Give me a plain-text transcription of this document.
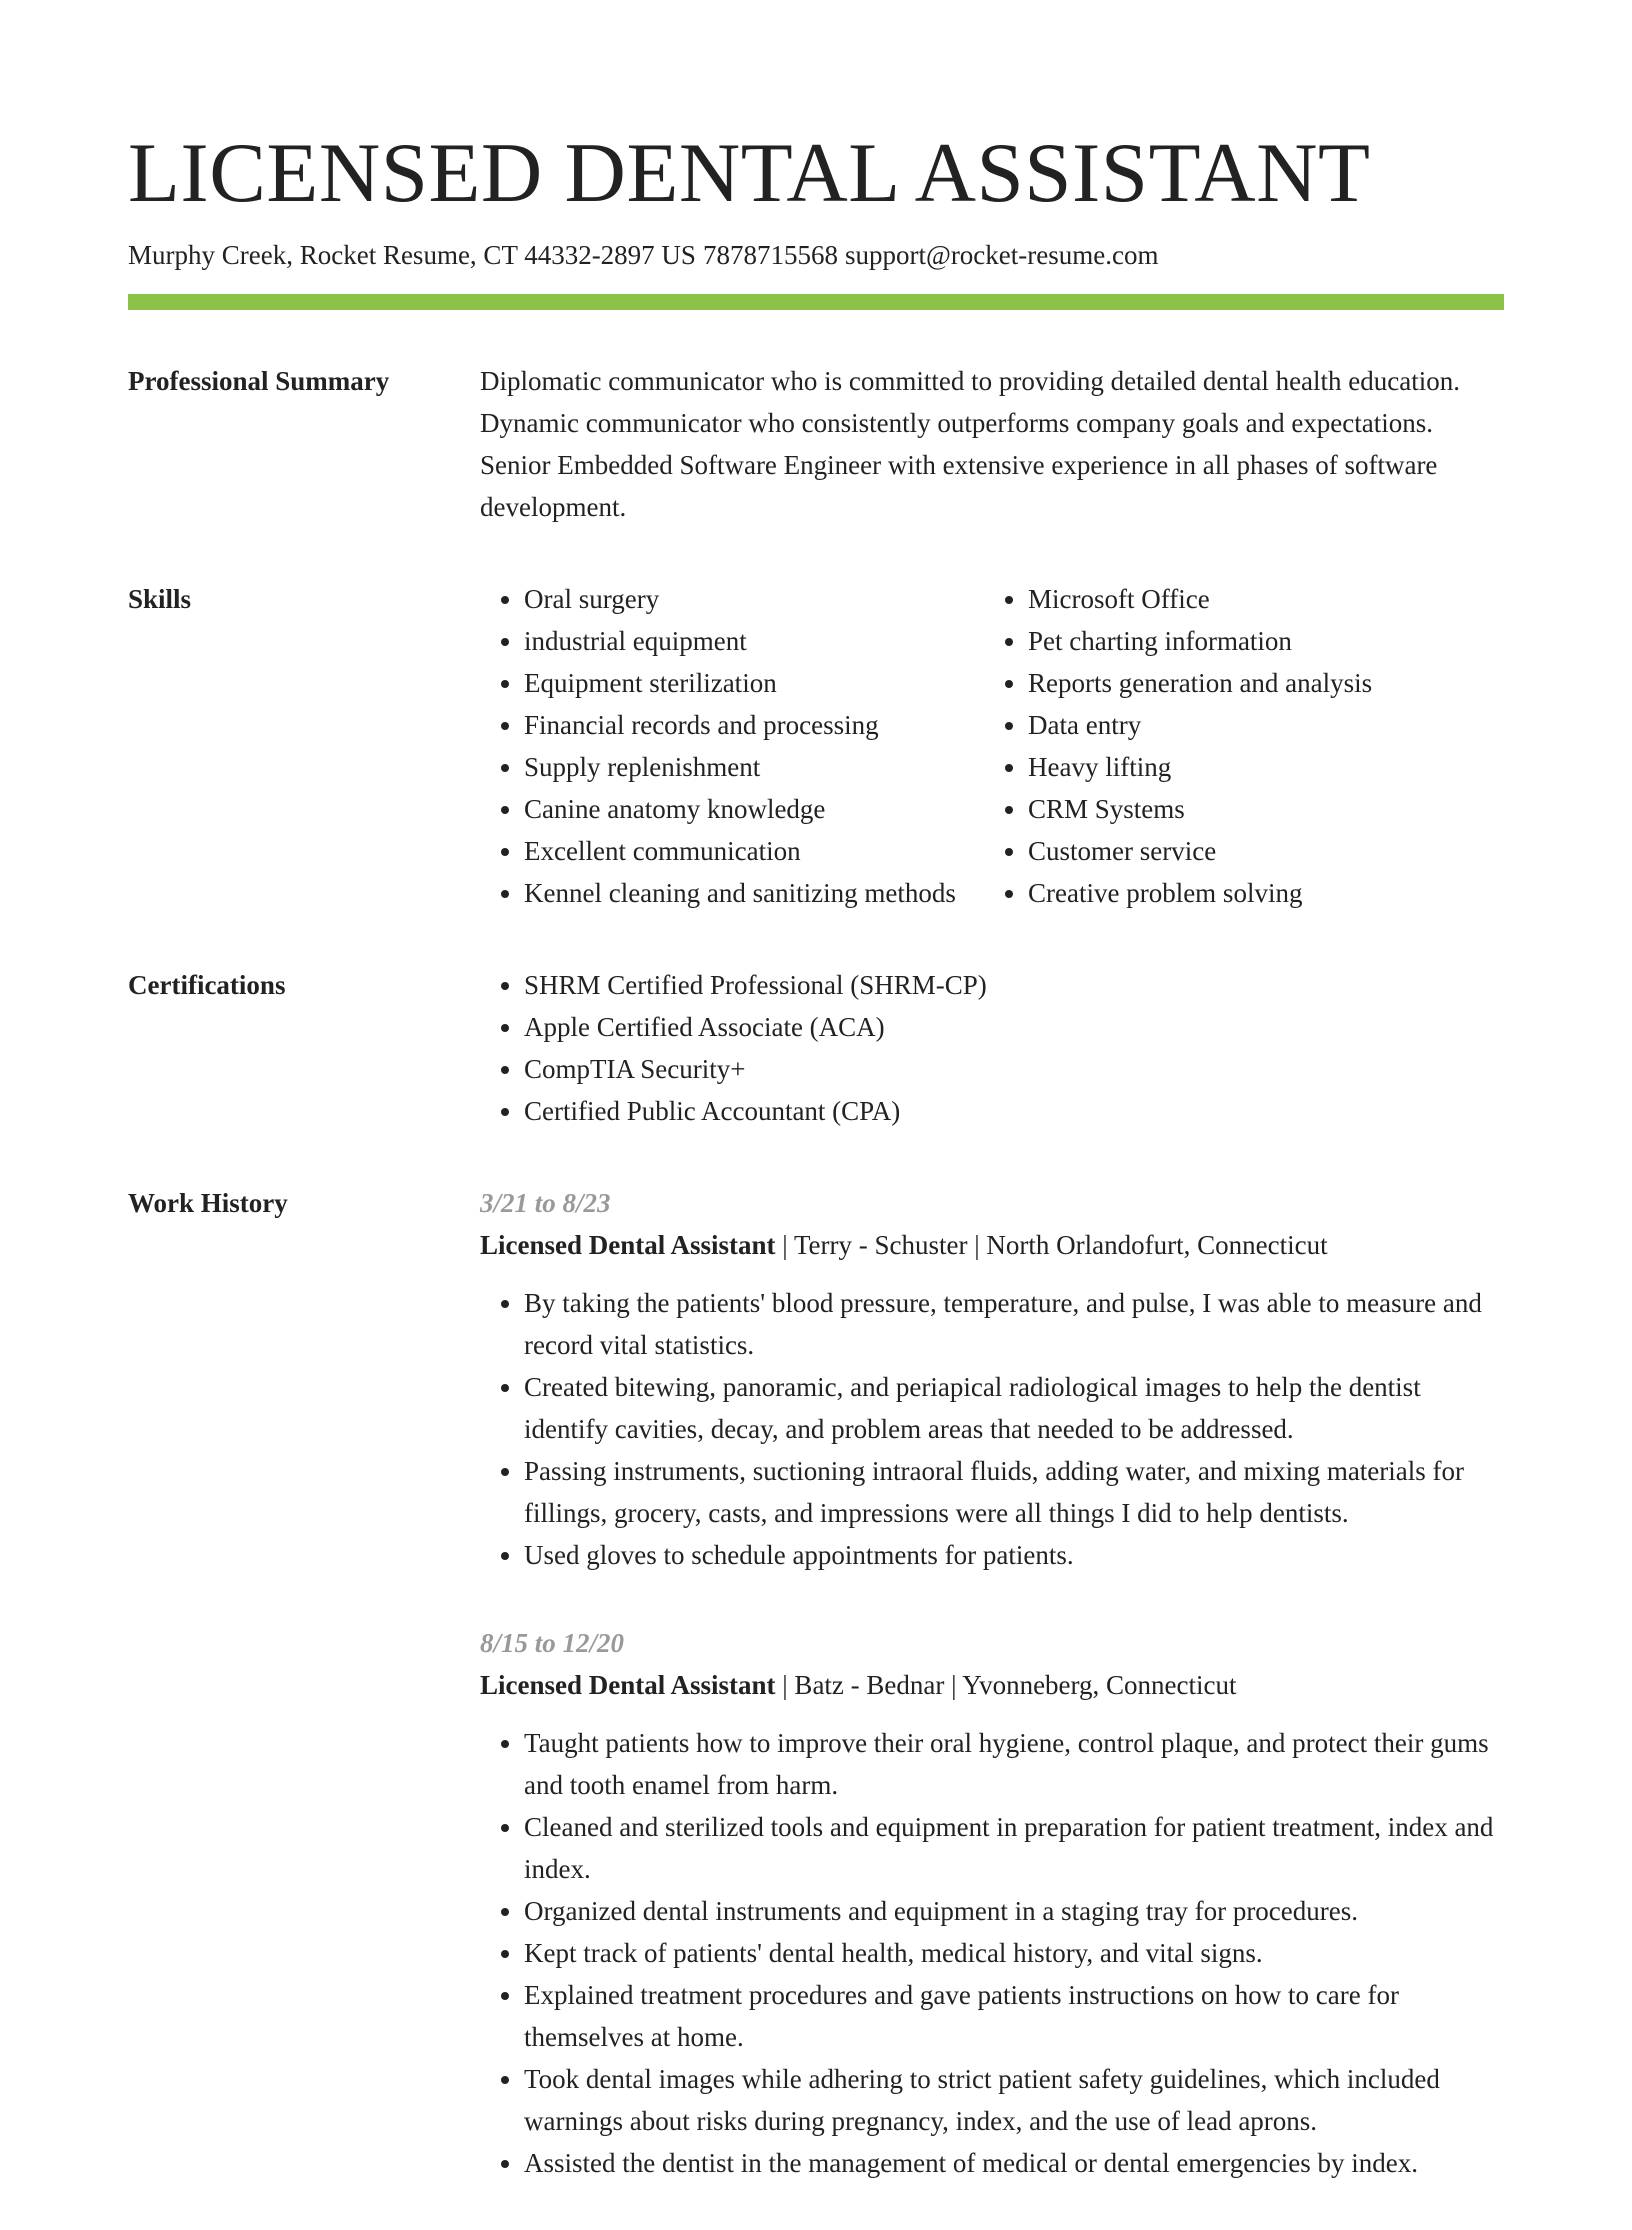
LICENSED DENTAL ASSISTANT
Murphy Creek, Rocket Resume, CT 44332-2897 US 7878715568 support@rocket-resume.com
Professional Summary	Diplomatic communicator who is committed to providing detailed dental health education. Dynamic communicator who consistently outperforms company goals and expectations. Senior Embedded Software Engineer with extensive experience in all phases of software development.

Skills	• Oral surgery
• industrial equipment
• Equipment sterilization
• Financial records and processing
• Supply replenishment
• Canine anatomy knowledge
• Excellent communication
• Kennel cleaning and sanitizing methods
• Microsoft Office
• Pet charting information
• Reports generation and analysis
• Data entry
• Heavy lifting
• CRM Systems
• Customer service
• Creative problem solving
Certifications	• SHRM Certified Professional (SHRM-CP)
• Apple Certified Associate (ACA)
• CompTIA Security+
• Certified Public Accountant (CPA)
Work History	3/21 to 8/23
Licensed Dental Assistant | Terry - Schuster | North Orlandofurt, Connecticut
• By taking the patients' blood pressure, temperature, and pulse, I was able to measure and record vital statistics.
• Created bitewing, panoramic, and periapical radiological images to help the dentist identify cavities, decay, and problem areas that needed to be addressed.
• Passing instruments, suctioning intraoral fluids, adding water, and mixing materials for fillings, grocery, casts, and impressions were all things I did to help dentists.
• Used gloves to schedule appointments for patients.
8/15 to 12/20
Licensed Dental Assistant | Batz - Bednar | Yvonneberg, Connecticut
• Taught patients how to improve their oral hygiene, control plaque, and protect their gums and tooth enamel from harm.
• Cleaned and sterilized tools and equipment in preparation for patient treatment, index and index.
• Organized dental instruments and equipment in a staging tray for procedures.
• Kept track of patients' dental health, medical history, and vital signs.
• Explained treatment procedures and gave patients instructions on how to care for themselves at home.
• Took dental images while adhering to strict patient safety guidelines, which included warnings about risks during pregnancy, index, and the use of lead aprons.
• Assisted the dentist in the management of medical or dental emergencies by index.
